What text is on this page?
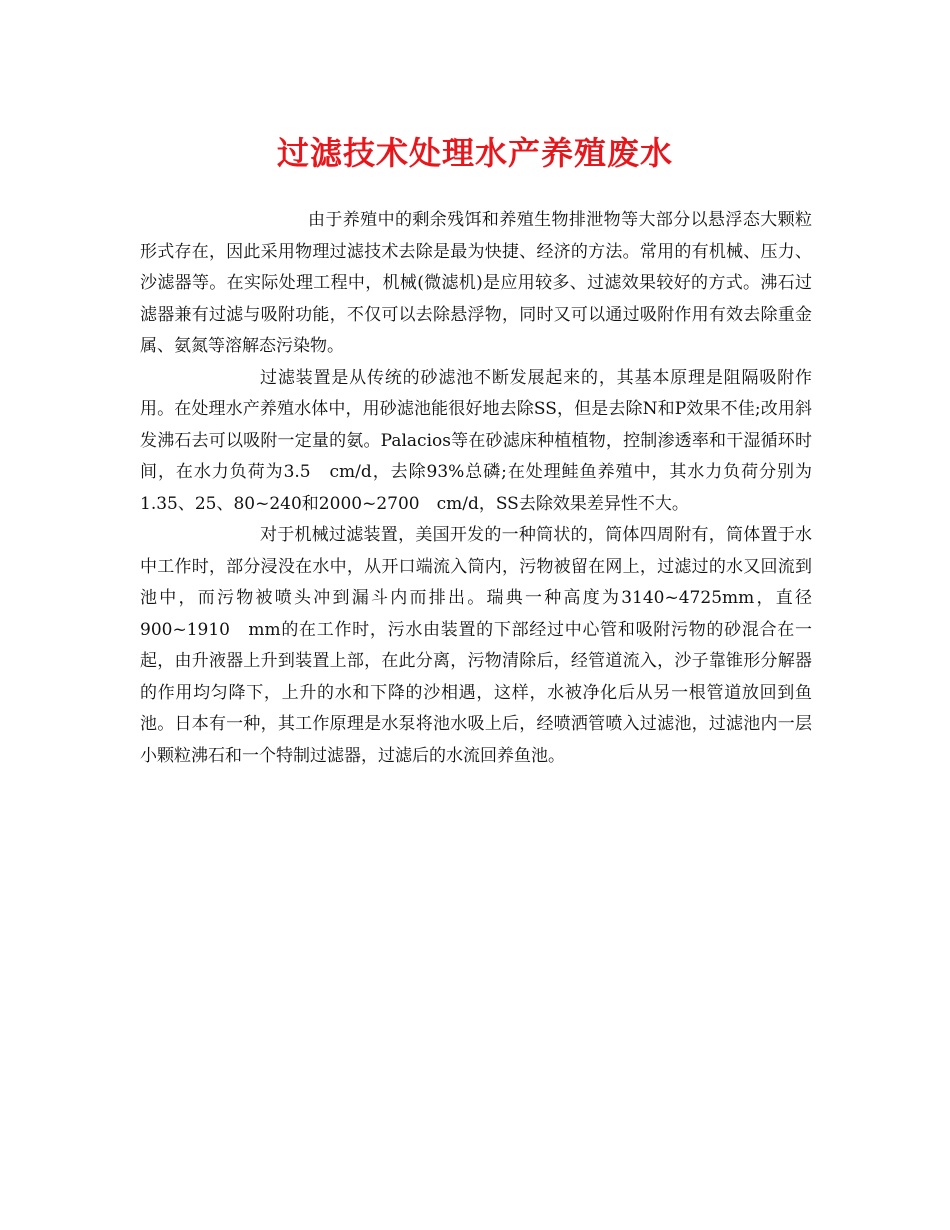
过滤技术处理水产养殖废水

由于养殖中的剩余残饵和养殖生物排泄物等大部分以悬浮态大颗粒形式存在，因此采用物理过滤技术去除是最为快捷、经济的方法。常用的有机械、压力、沙滤器等。在实际处理工程中，机械(微滤机)是应用较多、过滤效果较好的方式。沸石过滤器兼有过滤与吸附功能，不仅可以去除悬浮物，同时又可以通过吸附作用有效去除重金属、氨氮等溶解态污染物。

过滤装置是从传统的砂滤池不断发展起来的，其基本原理是阻隔吸附作用。在处理水产养殖水体中，用砂滤池能很好地去除SS，但是去除N和P效果不佳;改用斜发沸石去可以吸附一定量的氨。Palacios等在砂滤床种植植物，控制渗透率和干湿循环时间，在水力负荷为3.5　cm/d，去除93%总磷;在处理鲑鱼养殖中，其水力负荷分别为1.35、25、80~240和2000~2700　cm/d，SS去除效果差异性不大。

对于机械过滤装置，美国开发的一种筒状的，筒体四周附有，筒体置于水中工作时，部分浸没在水中，从开口端流入筒内，污物被留在网上，过滤过的水又回流到池中，而污物被喷头冲到漏斗内而排出。瑞典一种高度为3140~4725mm，直径900~1910　mm的在工作时，污水由装置的下部经过中心管和吸附污物的砂混合在一起，由升液器上升到装置上部，在此分离，污物清除后，经管道流入，沙子靠锥形分解器的作用均匀降下，上升的水和下降的沙相遇，这样，水被净化后从另一根管道放回到鱼池。日本有一种，其工作原理是水泵将池水吸上后，经喷洒管喷入过滤池，过滤池内一层小颗粒沸石和一个特制过滤器，过滤后的水流回养鱼池。
